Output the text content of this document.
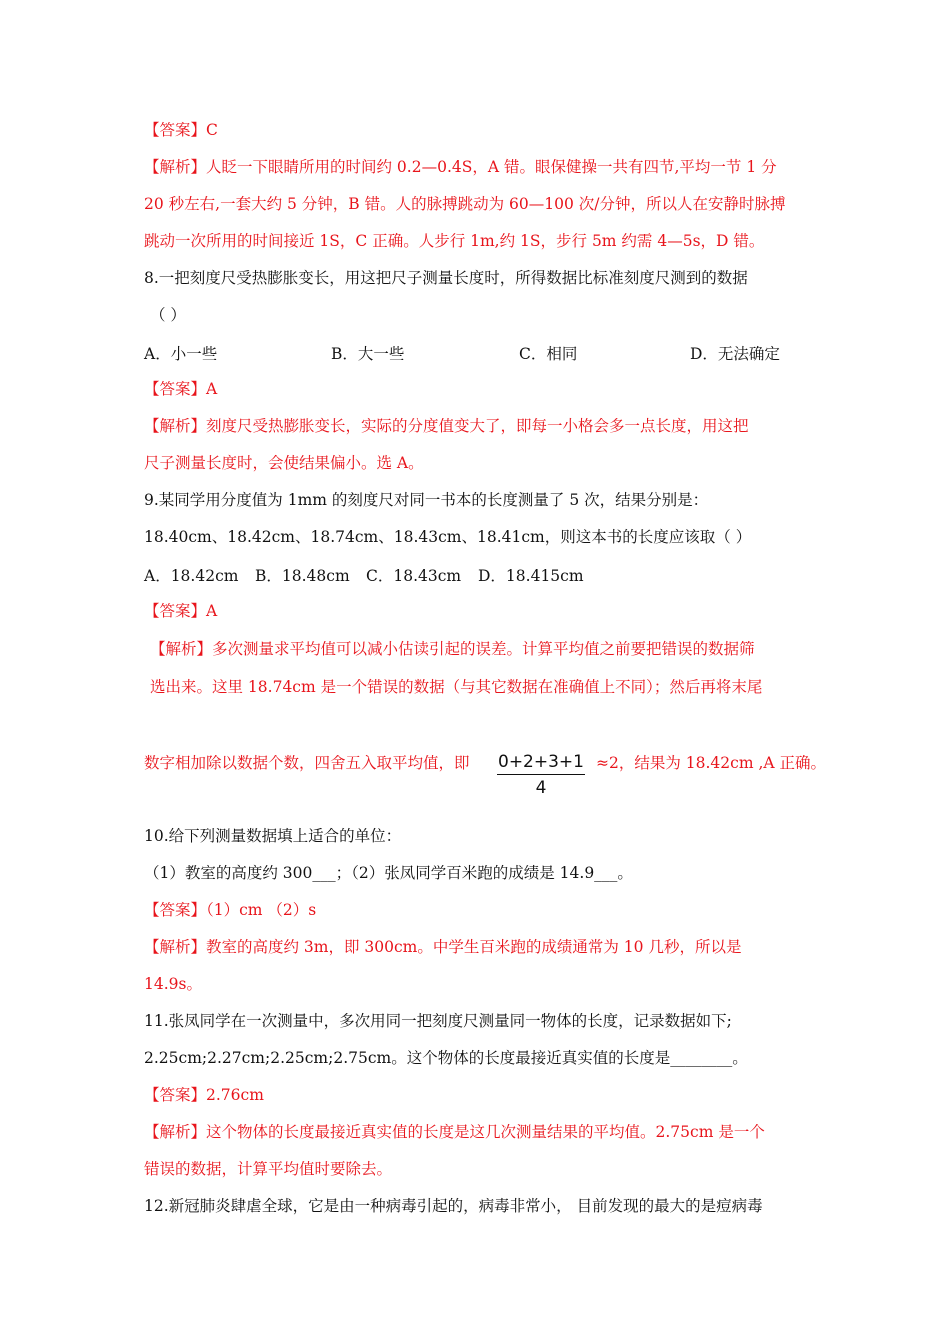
【答案】C
【解析】人眨一下眼睛所用的时间约 0.2—0.4S，A 错。眼保健操一共有四节,平均一节 1 分
20 秒左右,一套大约 5 分钟，B 错。人的脉搏跳动为 60—100 次/分钟，所以人在安静时脉搏
跳动一次所用的时间接近 1S，C 正确。人步行 1m,约 1S，步行 5m 约需 4—5s，D 错。
8.一把刻度尺受热膨胀变长，用这把尺子测量长度时，所得数据比标准刻度尺测到的数据
（ ）
A．小一些	B．大一些	C．相同	D．无法确定
【答案】A
【解析】刻度尺受热膨胀变长，实际的分度值变大了，即每一小格会多一点长度，用这把
尺子测量长度时，会使结果偏小。选 A。
9.某同学用分度值为 1mm 的刻度尺对同一书本的长度测量了 5 次，结果分别是：
18.40cm、18.42cm、18.74cm、18.43cm、18.41cm，则这本书的长度应该取（ ）
A．18.42cm B．18.48cm C．18.43cm D．18.415cm
【答案】A
【解析】多次测量求平均值可以减小估读引起的误差。计算平均值之前要把错误的数据筛
选出来。这里 18.74cm 是一个错误的数据（与其它数据在准确值上不同）；然后再将末尾
数字相加除以数据个数，四舍五入取平均值，即 $\frac{0+2+3+1}{4} \approx 2$，结果为 18.42cm ,A 正确。
10.给下列测量数据填上适合的单位：
（1）教室的高度约 300___；（2）张凤同学百米跑的成绩是 14.9___。
【答案】（1）cm （2）s
【解析】教室的高度约 3m，即 300cm。中学生百米跑的成绩通常为 10 几秒，所以是
14.9s。
11.张凤同学在一次测量中，多次用同一把刻度尺测量同一物体的长度，记录数据如下;
2.25cm;2.27cm;2.25cm;2.75cm。这个物体的长度最接近真实值的长度是________。
【答案】2.76cm
【解析】这个物体的长度最接近真实值的长度是这几次测量结果的平均值。2.75cm 是一个
错误的数据，计算平均值时要除去。
12.新冠肺炎肆虐全球，它是由一种病毒引起的，病毒非常小， 目前发现的最大的是痘病毒
